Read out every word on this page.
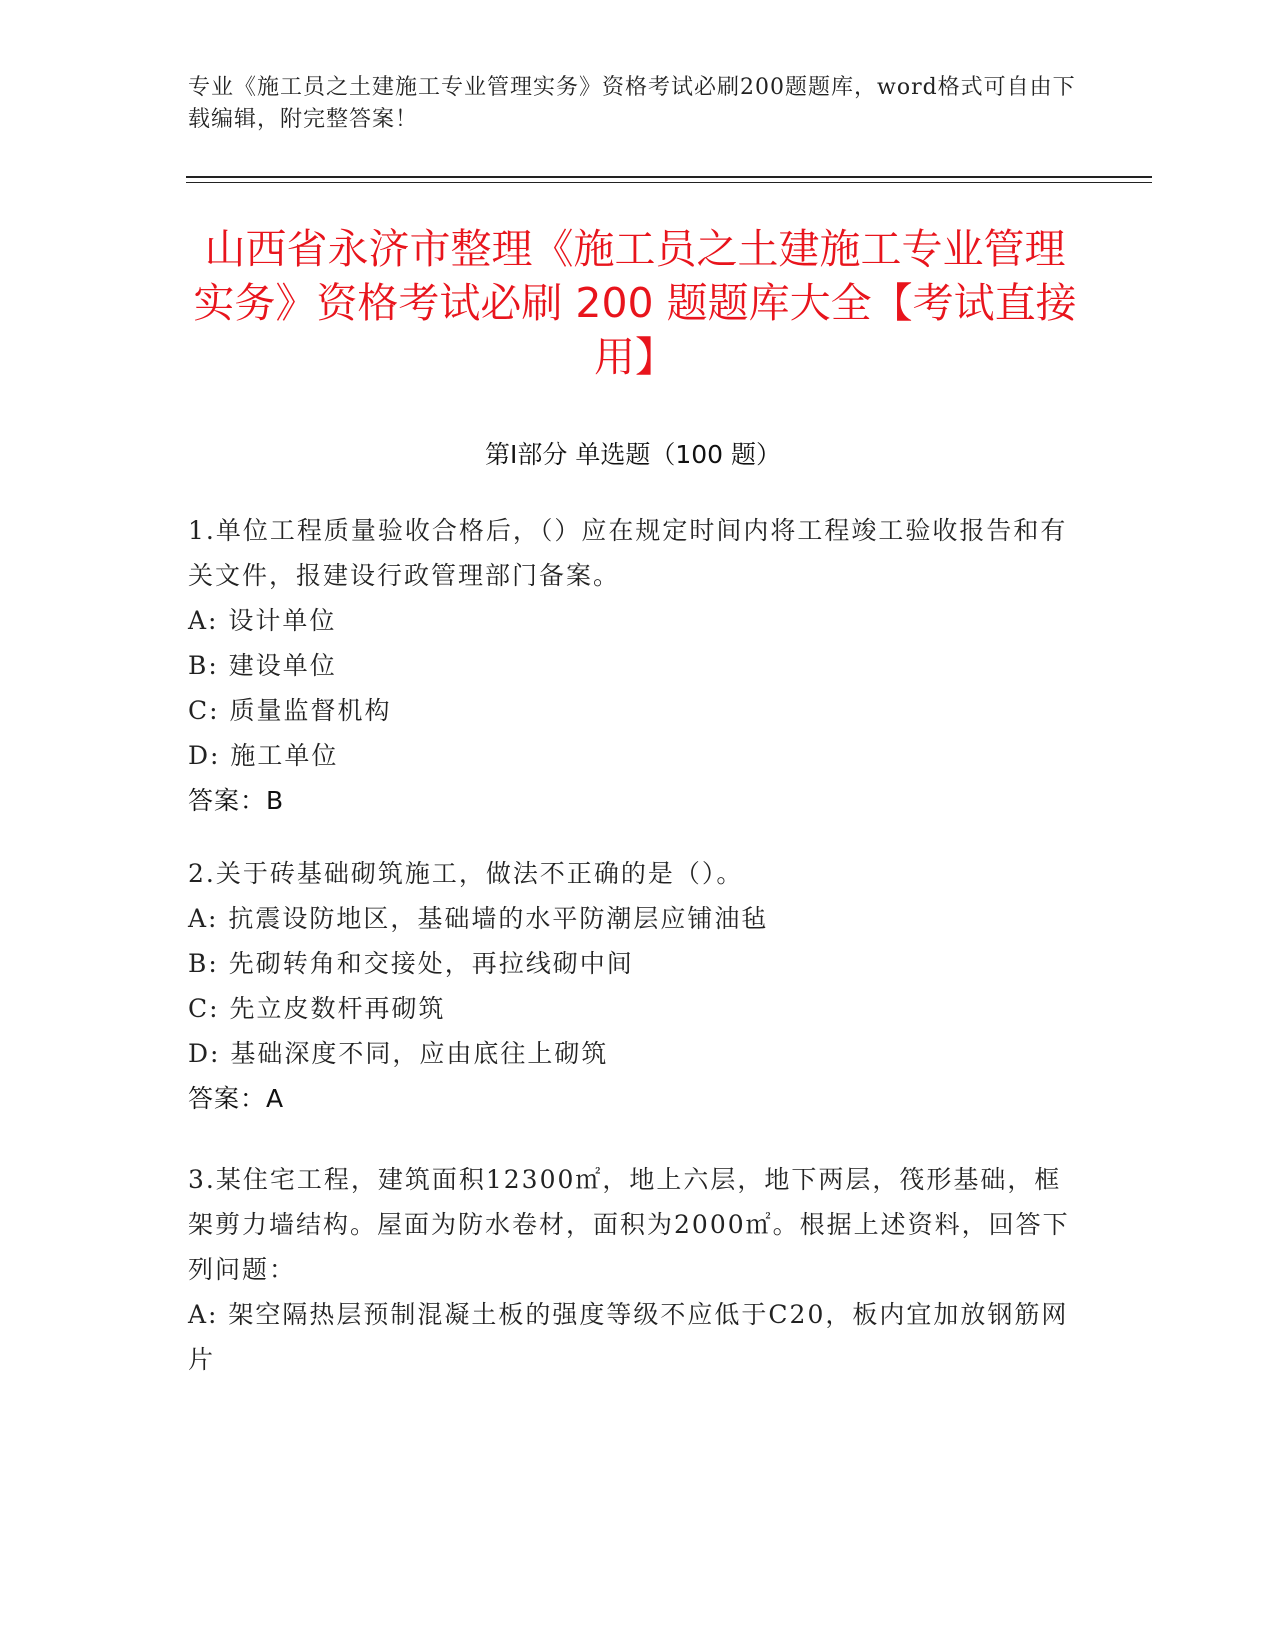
专业《施工员之土建施工专业管理实务》资格考试必刷200题题库，word格式可自由下载编辑，附完整答案！
山西省永济市整理《施工员之土建施工专业管理实务》资格考试必刷 200 题题库大全【考试直接用】
第Ⅰ部分 单选题（100 题）
1.单位工程质量验收合格后，（）应在规定时间内将工程竣工验收报告和有关文件，报建设行政管理部门备案。
A: 设计单位
B: 建设单位
C: 质量监督机构
D: 施工单位
答案：B
2.关于砖基础砌筑施工，做法不正确的是（）。
A: 抗震设防地区，基础墙的水平防潮层应铺油毡
B: 先砌转角和交接处，再拉线砌中间
C: 先立皮数杆再砌筑
D: 基础深度不同，应由底往上砌筑
答案：A
3.某住宅工程，建筑面积12300㎡，地上六层，地下两层，筏形基础，框架剪力墙结构。屋面为防水卷材，面积为2000㎡。根据上述资料，回答下列问题：
A: 架空隔热层预制混凝土板的强度等级不应低于C20，板内宜加放钢筋网片
